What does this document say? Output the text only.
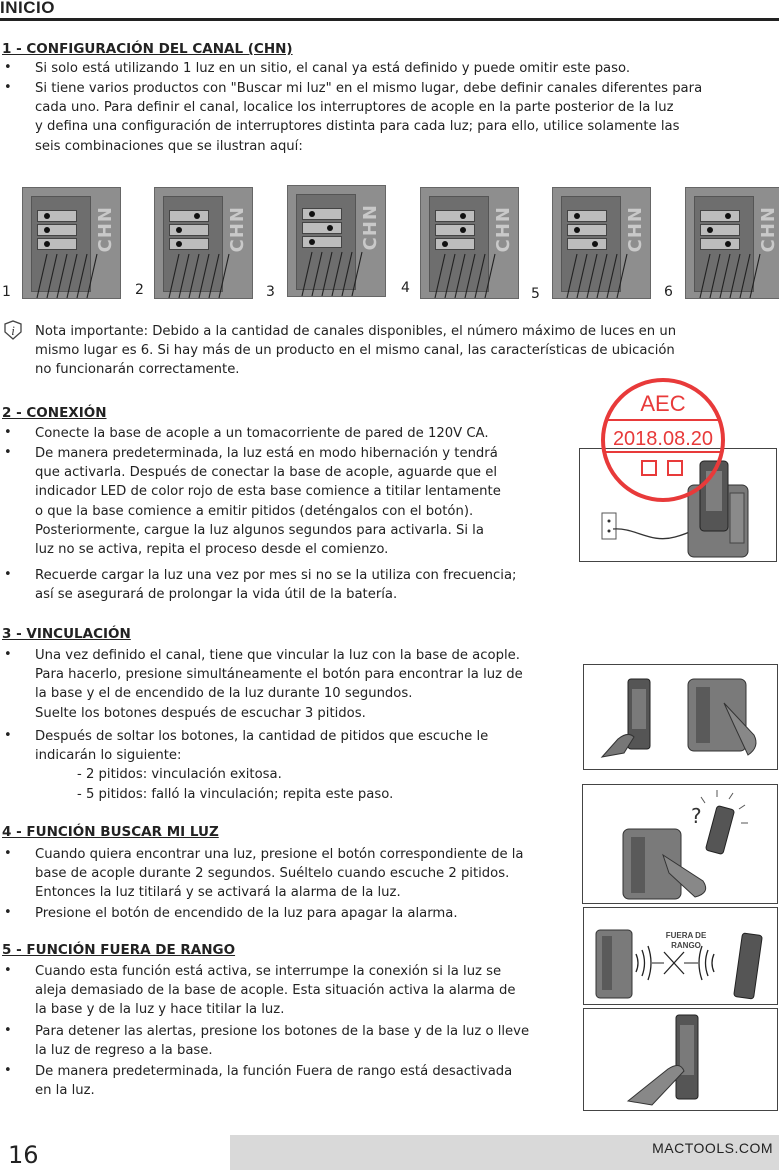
INICIO
1 - CONFIGURACIÓN DEL CANAL (CHN)
• Si solo está utilizando 1 luz en un sitio, el canal ya está definido y puede omitir este paso.
• Si tiene varios productos con "Buscar mi luz" en el mismo lugar, debe definir canales diferentes para
cada uno. Para definir el canal, localice los interruptores de acople en la parte posterior de la luz
y defina una configuración de interruptores distinta para cada luz; para ello, utilice solamente las
seis combinaciones que se ilustran aquí:
CHN
1
CHN
2
CHN
3
CHN
4
CHN
5
CHN
6
i Nota importante: Debido a la cantidad de canales disponibles, el número máximo de luces en un
mismo lugar es 6. Si hay más de un producto en el mismo canal, las características de ubicación
no funcionarán correctamente.
2 - CONEXIÓN
• Conecte la base de acople a un tomacorriente de pared de 120V CA.
• De manera predeterminada, la luz está en modo hibernación y tendrá
que activarla. Después de conectar la base de acople, aguarde que el
indicador LED de color rojo de esta base comience a titilar lentamente
o que la base comience a emitir pitidos (deténgalos con el botón).
Posteriormente, cargue la luz algunos segundos para activarla. Si la
luz no se activa, repita el proceso desde el comienzo.
• Recuerde cargar la luz una vez por mes si no se la utiliza con frecuencia;
así se asegurará de prolongar la vida útil de la batería.
AEC
2018.08.20
3 - VINCULACIÓN
• Una vez definido el canal, tiene que vincular la luz con la base de acople.
Para hacerlo, presione simultáneamente el botón para encontrar la luz de
la base y el de encendido de la luz durante 10 segundos.
Suelte los botones después de escuchar 3 pitidos.
• Después de soltar los botones, la cantidad de pitidos que escuche le
indicarán lo siguiente:
- 2 pitidos: vinculación exitosa.
- 5 pitidos: falló la vinculación; repita este paso.
4 - FUNCIÓN BUSCAR MI LUZ
• Cuando quiera encontrar una luz, presione el botón correspondiente de la
base de acople durante 2 segundos. Suéltelo cuando escuche 2 pitidos.
Entonces la luz titilará y se activará la alarma de la luz.
• Presione el botón de encendido de la luz para apagar la alarma.
?
5 - FUNCIÓN FUERA DE RANGO
• Cuando esta función está activa, se interrumpe la conexión si la luz se
aleja demasiado de la base de acople. Esta situación activa la alarma de
la base y de la luz y hace titilar la luz.
• Para detener las alertas, presione los botones de la base y de la luz o lleve
la luz de regreso a la base.
• De manera predeterminada, la función Fuera de rango está desactivada
en la luz.
FUERA DE
RANGO
16	MACTOOLS.COM
